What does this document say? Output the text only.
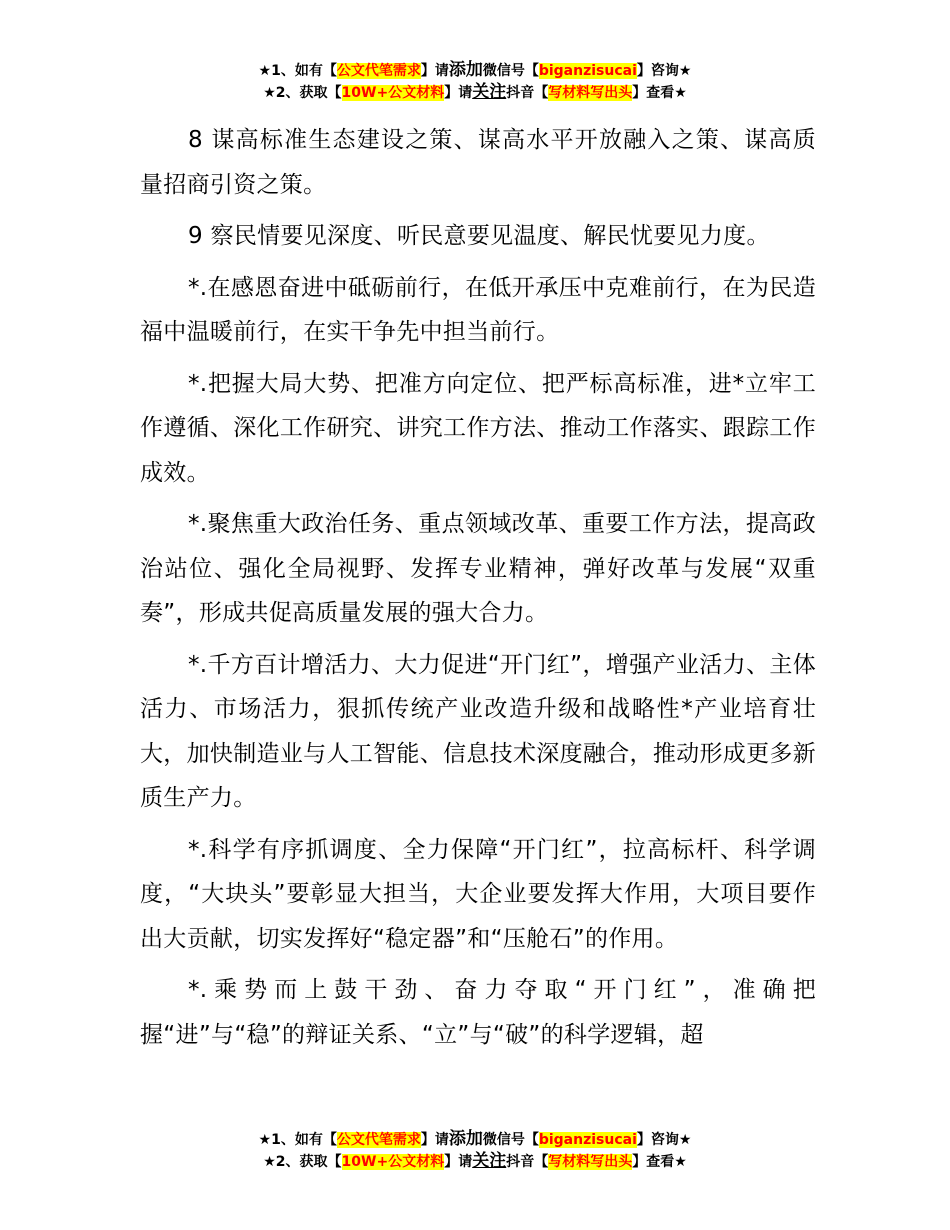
★1、如有【公文代笔需求】请添加微信号【biganzisucai】咨询★
★2、获取【10W+公文材料】请关注抖音【写材料写出头】查看★

8 谋高标准生态建设之策、谋高水平开放融入之策、谋高质量招商引资之策。

9 察民情要见深度、听民意要见温度、解民忧要见力度。

*.在感恩奋进中砥砺前行，在低开承压中克难前行，在为民造福中温暖前行，在实干争先中担当前行。

*.把握大局大势、把准方向定位、把严标高标准，进*立牢工作遵循、深化工作研究、讲究工作方法、推动工作落实、跟踪工作成效。

*.聚焦重大政治任务、重点领域改革、重要工作方法，提高政治站位、强化全局视野、发挥专业精神，弹好改革与发展“双重奏”，形成共促高质量发展的强大合力。

*.千方百计增活力、大力促进“开门红”，增强产业活力、主体活力、市场活力，狠抓传统产业改造升级和战略性*产业培育壮大，加快制造业与人工智能、信息技术深度融合，推动形成更多新质生产力。

*.科学有序抓调度、全力保障“开门红”，拉高标杆、科学调度，“大块头”要彰显大担当，大企业要发挥大作用，大项目要作出大贡献，切实发挥好“稳定器”和“压舱石”的作用。

*.乘势而上鼓干劲、奋力夺取“开门红”，准确把握“进”与“稳”的辩证关系、“立”与“破”的科学逻辑，超

★1、如有【公文代笔需求】请添加微信号【biganzisucai】咨询★
★2、获取【10W+公文材料】请关注抖音【写材料写出头】查看★
